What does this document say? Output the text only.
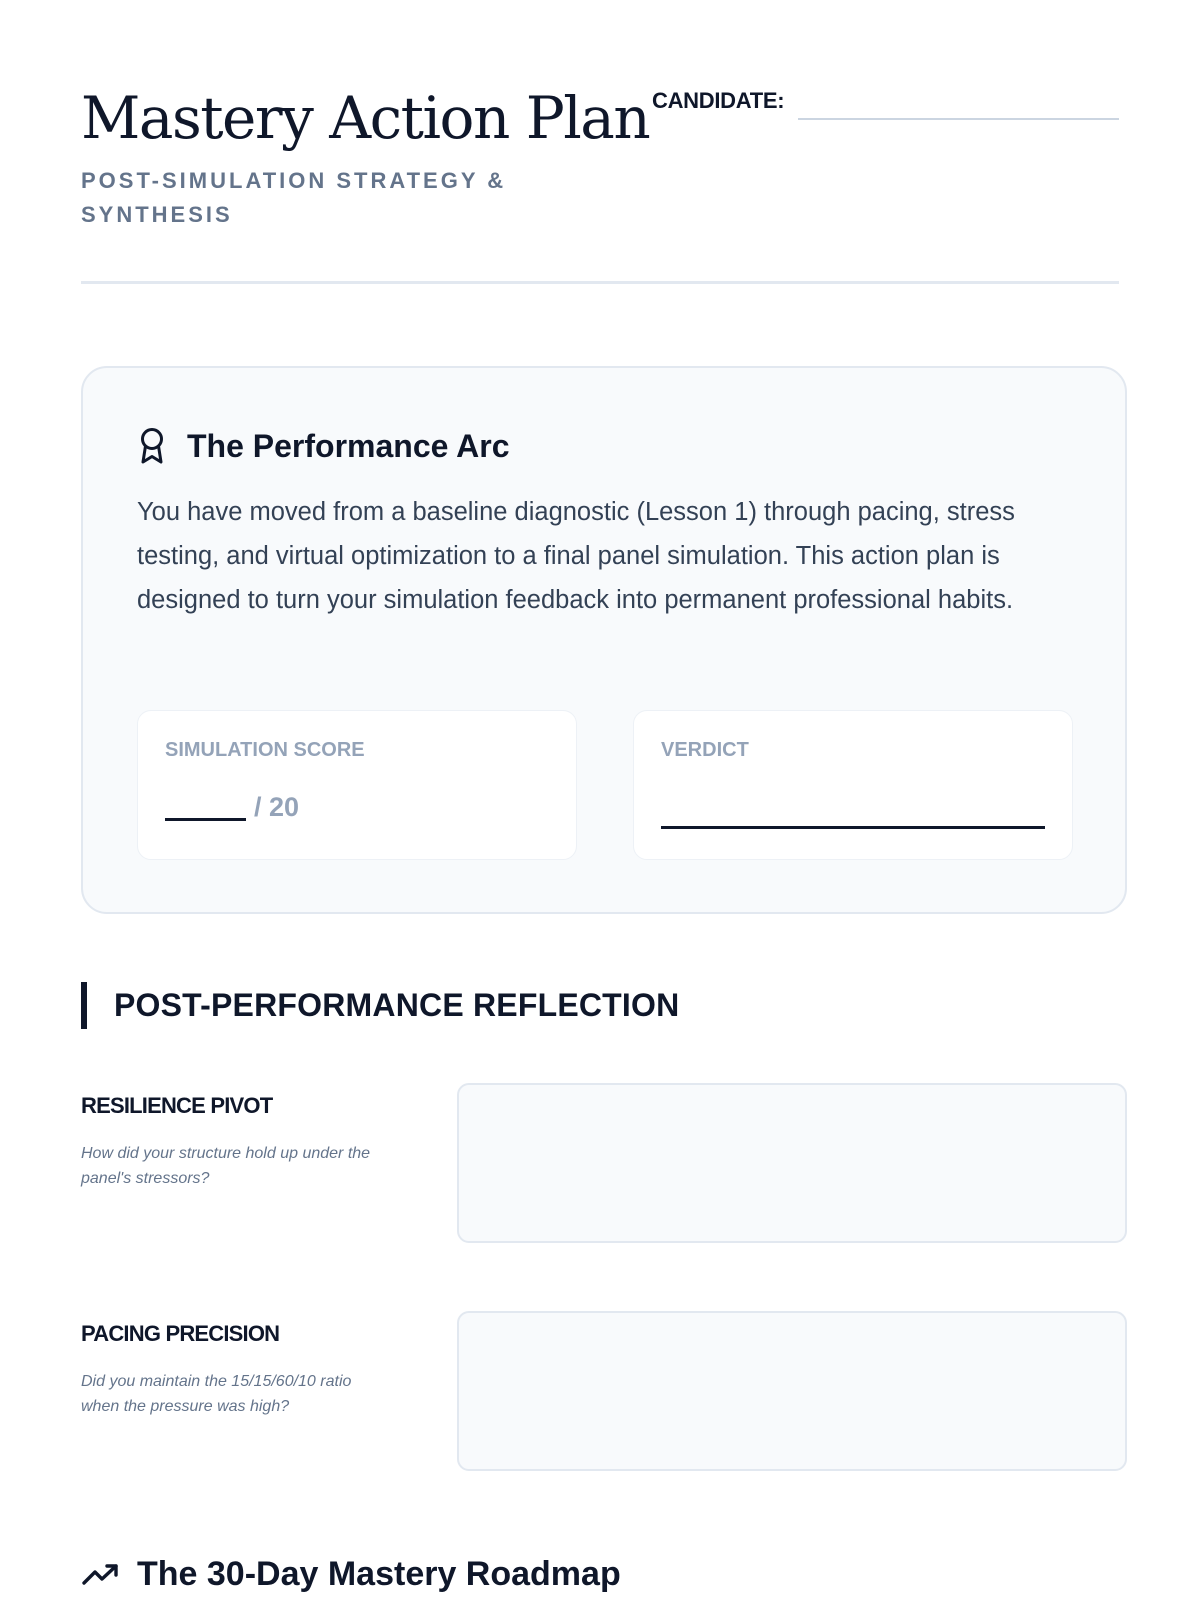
Mastery Action Plan
POST-SIMULATION STRATEGY & SYNTHESIS
CANDIDATE:
The Performance Arc

You have moved from a baseline diagnostic (Lesson 1) through pacing, stress testing, and virtual optimization to a final panel simulation. This action plan is designed to turn your simulation feedback into permanent professional habits.

SIMULATION SCORE
/ 20
VERDICT
POST-PERFORMANCE REFLECTION
RESILIENCE PIVOT
How did your structure hold up under the panel's stressors?
PACING PRECISION
Did you maintain the 15/15/60/10 ratio when the pressure was high?
The 30-Day Mastery Roadmap
